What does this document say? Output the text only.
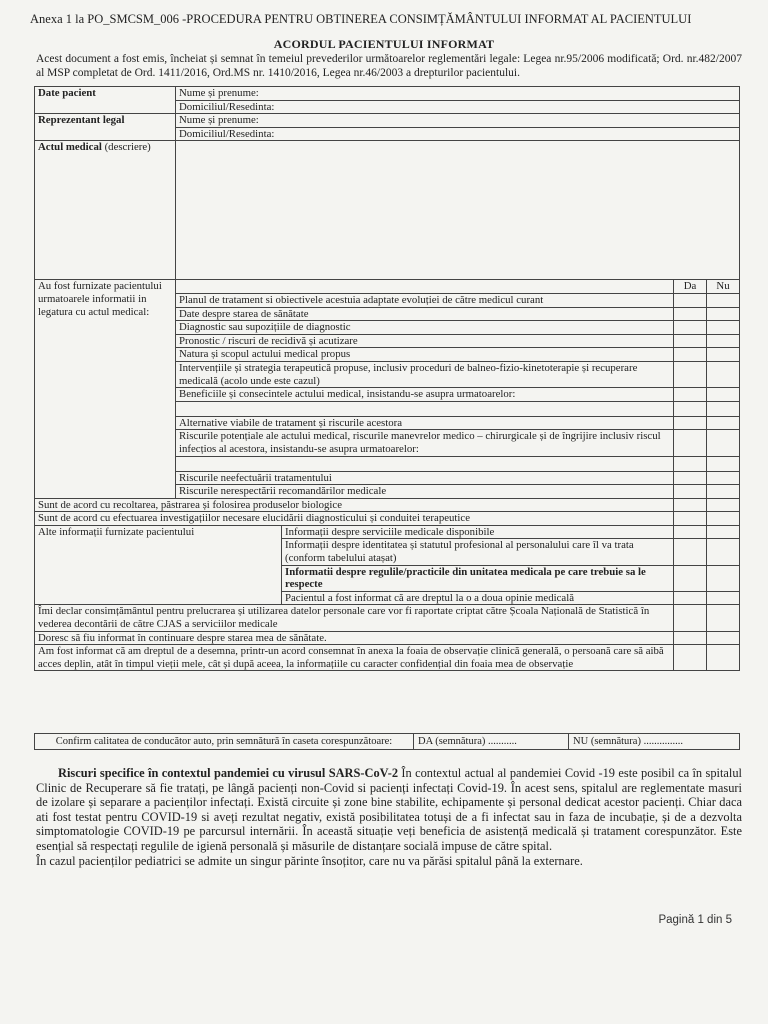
Anexa 1 la PO_SMCSM_006 -PROCEDURA PENTRU OBTINEREA CONSIMȚĂMÂNTULUI INFORMAT AL PACIENTULUI
ACORDUL PACIENTULUI INFORMAT
Acest document a fost emis, încheiat și semnat în temeiul prevederilor următoarelor reglementări legale: Legea nr.95/2006 modificată; Ord. nr.482/2007 al MSP completat de Ord. 1411/2016, Ord.MS nr. 1410/2016, Legea nr.46/2003 a drepturilor pacientului.
Date pacient	Nume și prenume:			
	Domiciliul/Resedinta:			
Reprezentant legal	Nume și prenume:			
	Domiciliul/Resedinta:			
Actul medical (descriere)				
Au fost furnizate pacientului urmatoarele informatii in legatura cu actul medical:			Da	Nu
	Planul de tratament si obiectivele acestuia adaptate evoluției de către medicul curant			
	Date despre starea de sănătate			
	Diagnostic sau supozițiile de diagnostic			
	Pronostic / riscuri de recidivă și acutizare			
	Natura și scopul actului medical propus			
	Intervențiile și strategia terapeutică propuse, inclusiv proceduri de balneo-fizio-kinetoterapie și recuperare medicală (acolo unde este cazul)			
	Beneficiile și consecintele actului medical, insistandu-se asupra urmatoarelor:			

	Alternative viabile de tratament și riscurile acestora			
	Riscurile potențiale ale actului medical, riscurile manevrelor medico – chirurgicale și de îngrijire inclusiv riscul infecțios al acestora, insistandu-se asupra urmatoarelor:			

	Riscurile neefectuării tratamentului			
	Riscurile nerespectării recomandărilor medicale			
Sunt de acord cu recoltarea, păstrarea și folosirea produselor biologice				
Sunt de acord cu efectuarea investigațiilor necesare elucidării diagnosticului și conduitei terapeutice				
Alte informații furnizate pacientului		Informații despre serviciile medicale disponibile		
		Informații despre identitatea și statutul profesional al personalului care îl va trata (conform tabelului atașat)		
		Informatii despre regulile/practicile din unitatea medicala pe care trebuie sa le respecte		
		Pacientul a fost informat că are dreptul la o a doua opinie medicală		
Îmi declar consimțământul pentru prelucrarea și utilizarea datelor personale care vor fi raportate criptat către Școala Națională de Statistică în vederea decontării de către CJAS a serviciilor medicale				
Doresc să fiu informat în continuare despre starea mea de sănătate.				
Am fost informat că am dreptul de a desemna, printr-un acord consemnat în anexa la foaia de observație clinică generală, o persoană care să aibă acces deplin, atât în timpul vieții mele, cât și după aceea, la informațiile cu caracter confidențial din foaia mea de observație				
Confirm calitatea de conducător auto, prin semnătură în caseta corespunzătoare:	DA (semnătura) ...........	NU (semnătura) ...............
Riscuri specifice în contextul pandemiei cu virusul SARS-CoV-2 În contextul actual al pandemiei Covid -19 este posibil ca în spitalul Clinic de Recuperare să fie tratați, pe lângă pacienți non-Covid si pacienți infectați Covid-19. În acest sens, spitalul are reglementate masuri de izolare și separare a pacienților infectați. Există circuite și zone bine stabilite, echipamente și personal dedicat acestor pacienți. Chiar daca ati fost testat pentru COVID-19 si aveți rezultat negativ, există posibilitatea totuși de a fi infectat sau in faza de incubație, și de a dezvolta simptomatologie COVID-19 pe parcursul internării. În această situație veți beneficia de asistență medicală și tratament corespunzător. Este esențial să respectați regulile de igienă personală și măsurile de distanțare socială impuse de către spital.
În cazul pacienților pediatrici se admite un singur părinte însoțitor, care nu va părăsi spitalul până la externare.
Pagină 1 din 5
